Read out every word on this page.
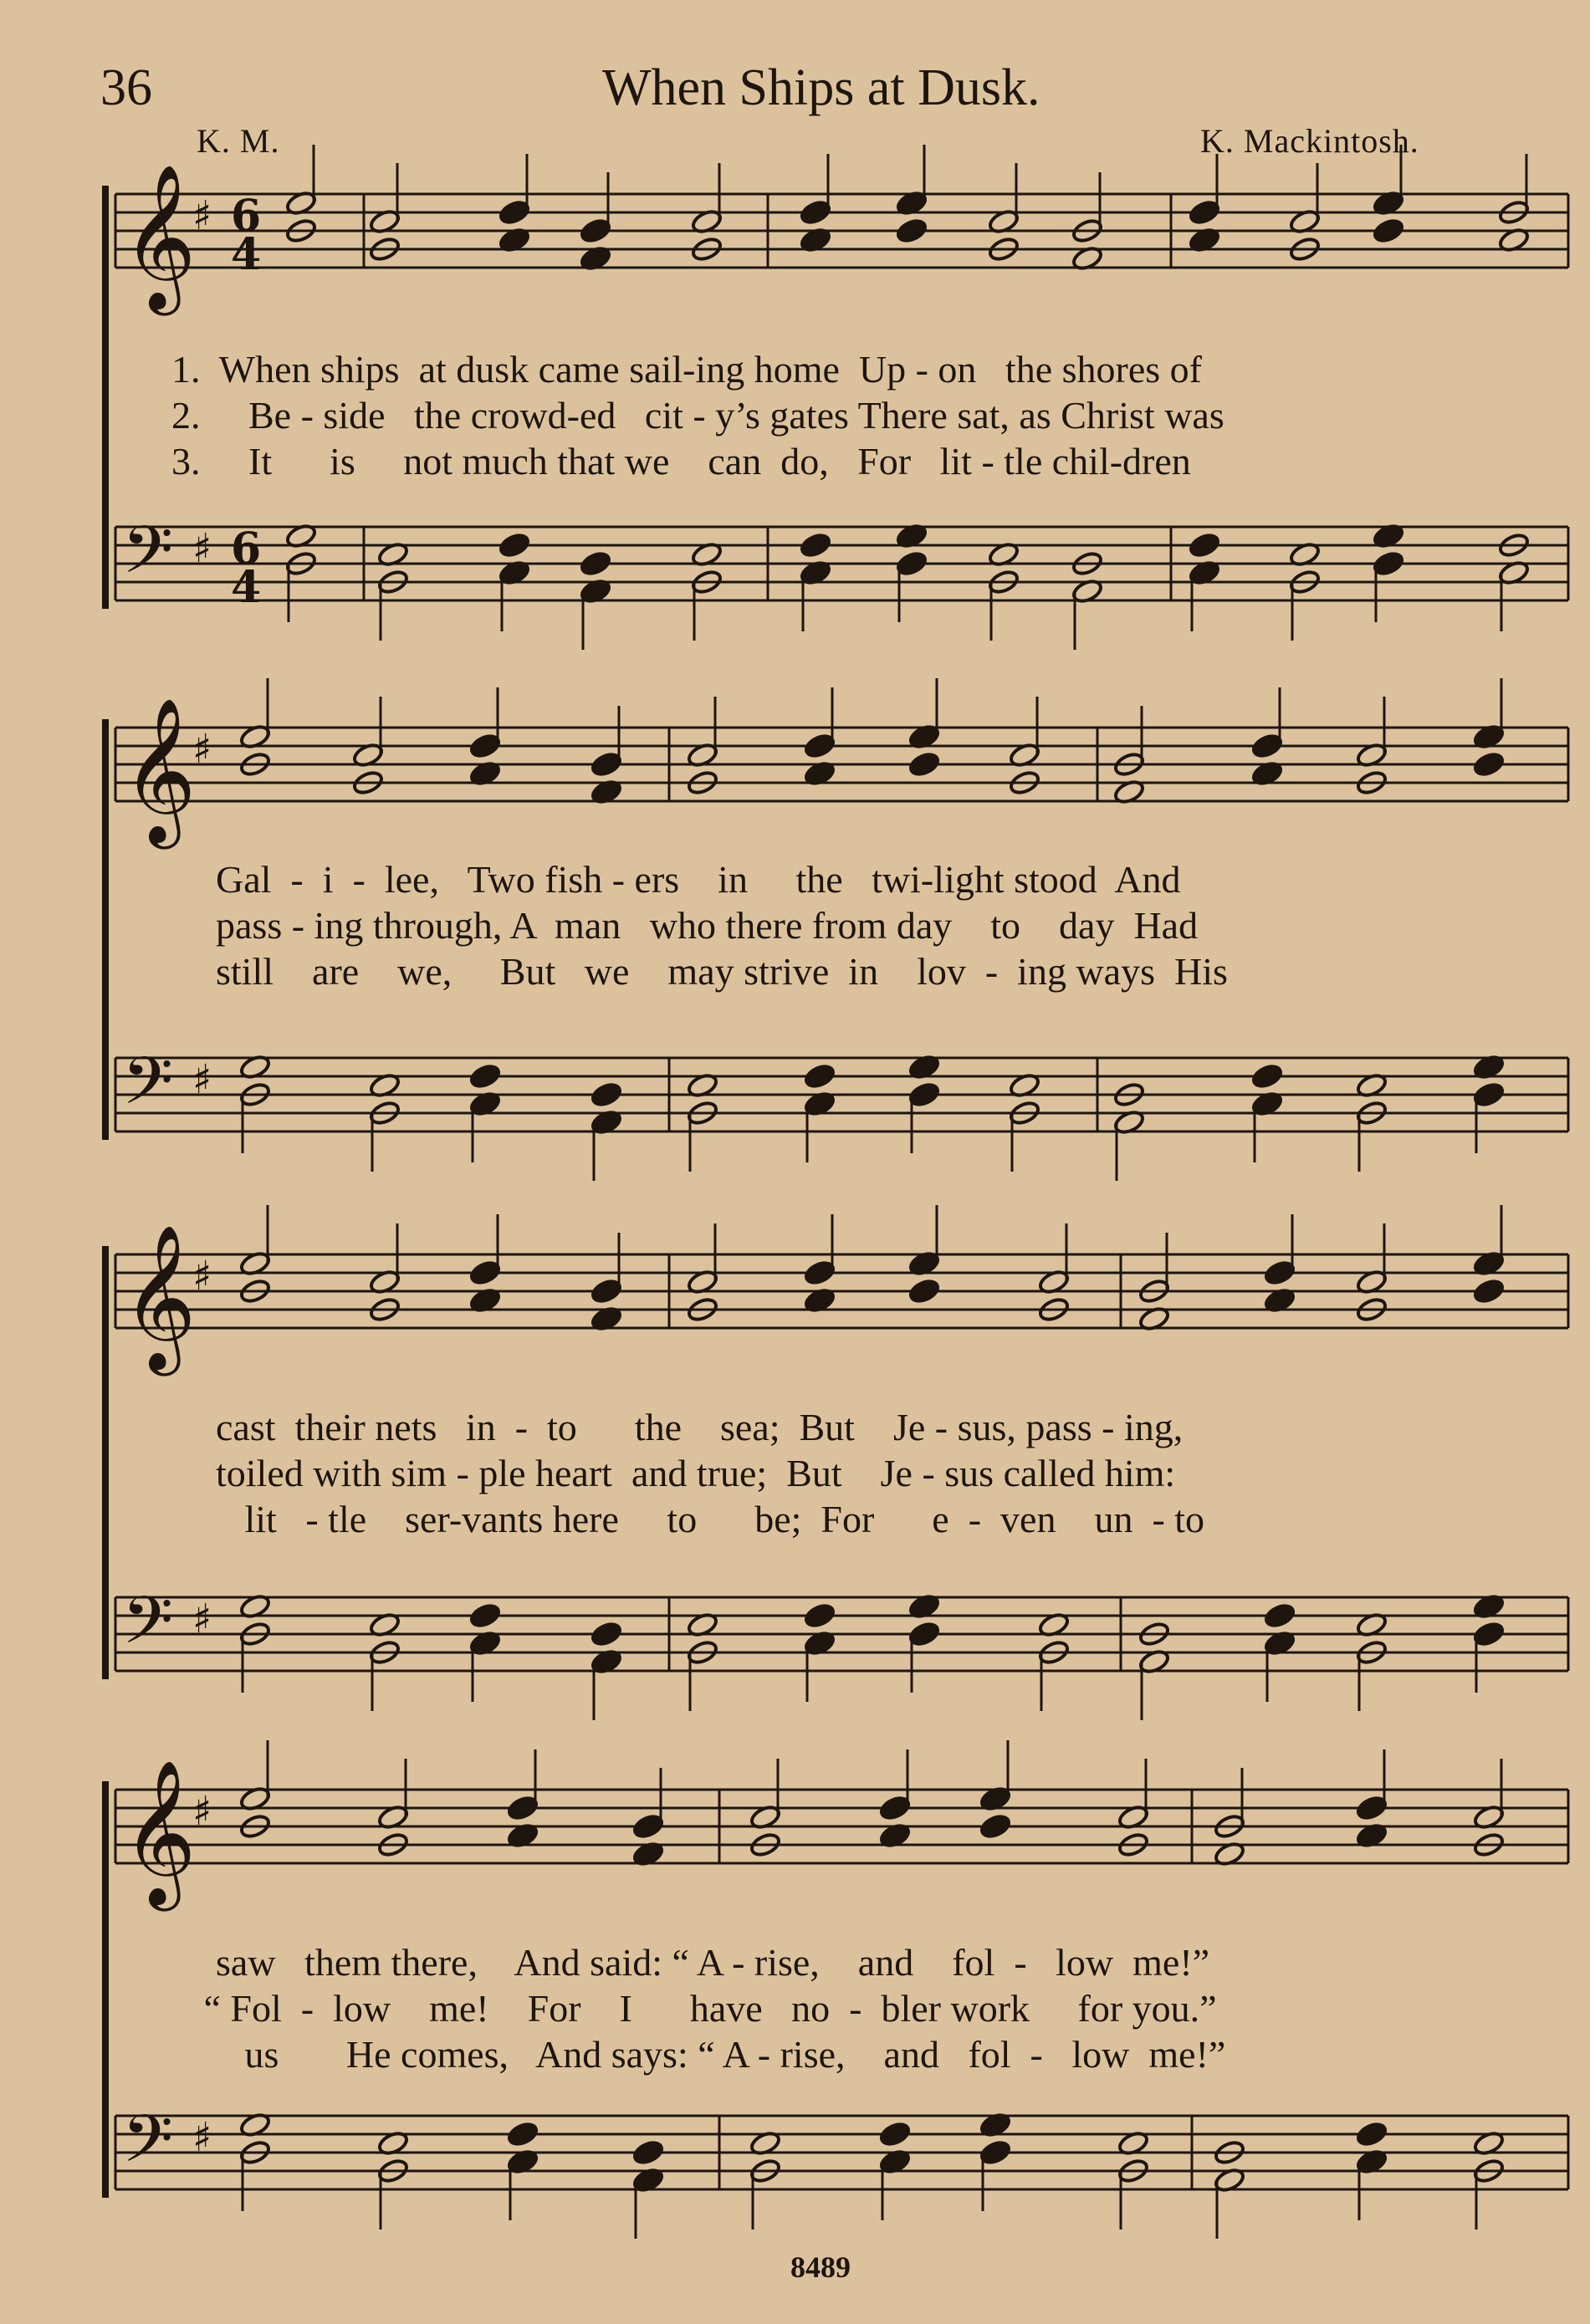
36	When Ships at Dusk.
K. M.	K. Mackintosh.
𝄞
♯ 6
4
𝄢 ♯ 6
4
𝄞
♯
𝄢 ♯
𝄞
♯
𝄢 ♯
𝄞
♯
𝄢 ♯
1.  When ships  at dusk came sail-ing home  Up - on   the shores of
2.     Be - side   the crowd-ed   cit - y’s gates There sat, as Christ was
3.     It      is     not much that we    can  do,   For   lit - tle chil-dren
Gal  -  i  -  lee,   Two fish - ers    in     the   twi-light stood  And
pass - ing through, A  man   who there from day    to    day  Had
still    are    we,     But   we    may strive  in    lov  -  ing ways  His
cast  their nets   in  -  to      the    sea;  But    Je - sus, pass - ing,
toiled with sim - ple heart  and true;  But    Je - sus called him:
lit   - tle    ser-vants here     to      be;  For      e  -  ven    un  - to
saw   them there,    And said: “ A - rise,    and    fol  -   low  me!”
“ Fol  -  low    me!    For    I      have   no  -  bler work     for you.”
us       He comes,   And says: “ A - rise,    and   fol  -   low  me!”
8489
